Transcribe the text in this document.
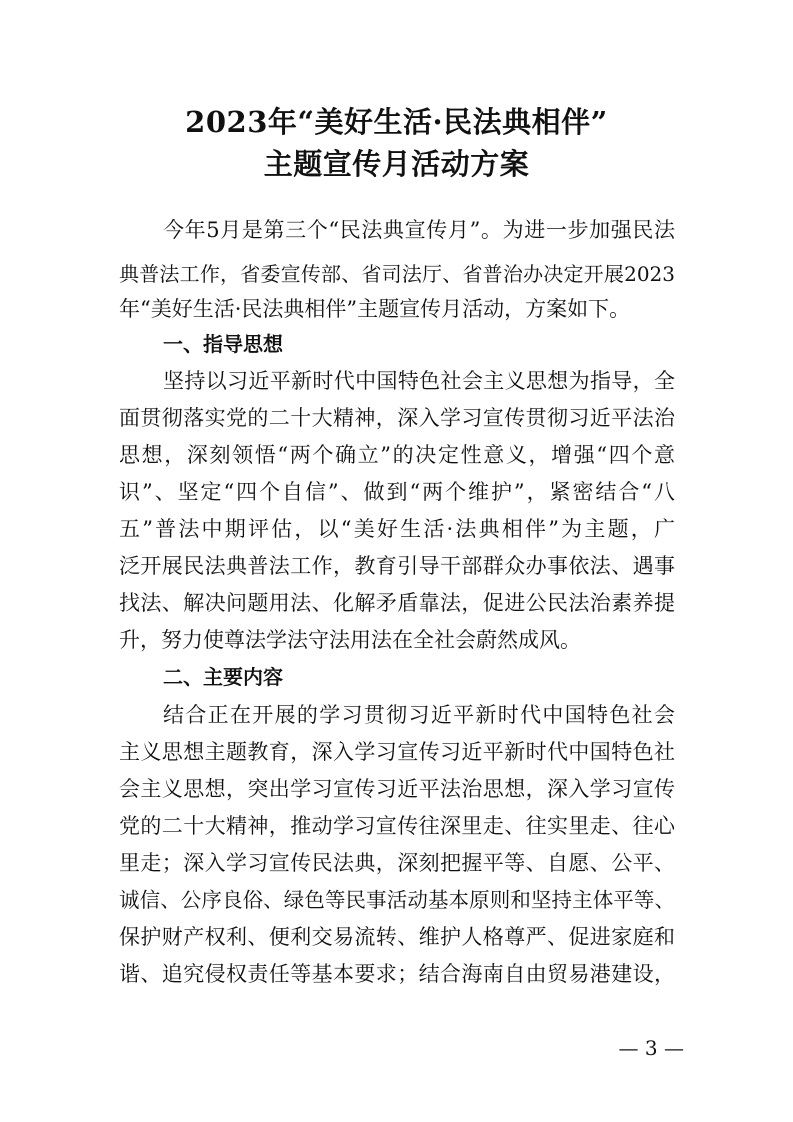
2023年“美好生活·民法典相伴”
主题宣传月活动方案
今年5月是第三个“民法典宣传月”。为进一步加强民法
典普法工作，省委宣传部、省司法厅、省普治办决定开展2023
年“美好生活·民法典相伴”主题宣传月活动，方案如下。
一、指导思想
坚持以习近平新时代中国特色社会主义思想为指导，全
面贯彻落实党的二十大精神，深入学习宣传贯彻习近平法治
思想，深刻领悟“两个确立”的决定性意义，增强“四个意
识”、坚定“四个自信”、做到“两个维护”，紧密结合“八
五”普法中期评估，以“美好生活·法典相伴”为主题，广
泛开展民法典普法工作，教育引导干部群众办事依法、遇事
找法、解决问题用法、化解矛盾靠法，促进公民法治素养提
升，努力使尊法学法守法用法在全社会蔚然成风。
二、主要内容
结合正在开展的学习贯彻习近平新时代中国特色社会
主义思想主题教育，深入学习宣传习近平新时代中国特色社
会主义思想，突出学习宣传习近平法治思想，深入学习宣传
党的二十大精神，推动学习宣传往深里走、往实里走、往心
里走；深入学习宣传民法典，深刻把握平等、自愿、公平、
诚信、公序良俗、绿色等民事活动基本原则和坚持主体平等、
保护财产权利、便利交易流转、维护人格尊严、促进家庭和
谐、追究侵权责任等基本要求；结合海南自由贸易港建设，
— 3 —
